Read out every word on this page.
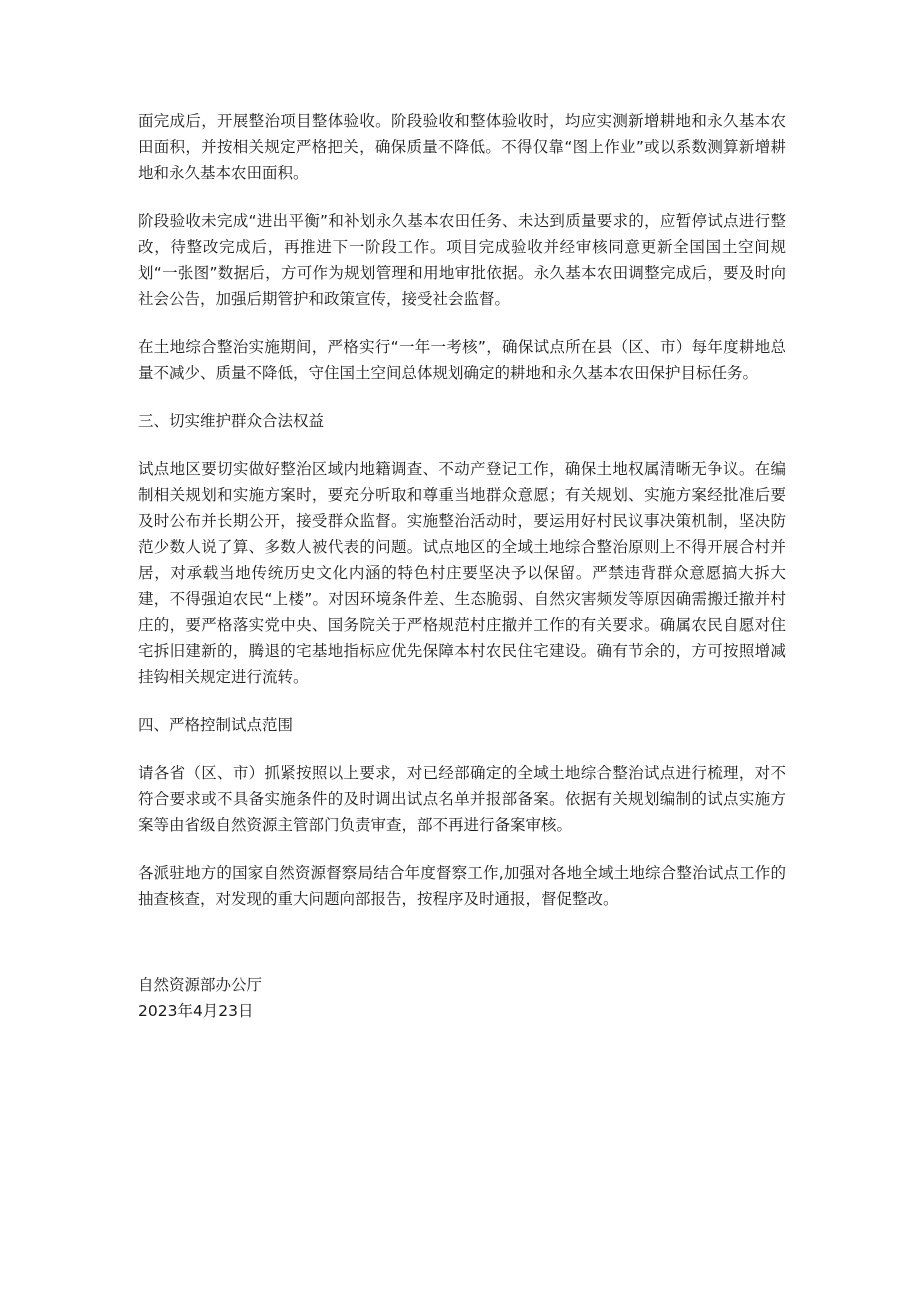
面完成后，开展整治项目整体验收。阶段验收和整体验收时，均应实测新增耕地和永久基本农田面积，并按相关规定严格把关，确保质量不降低。不得仅靠“图上作业”或以系数测算新增耕地和永久基本农田面积。

阶段验收未完成“进出平衡”和补划永久基本农田任务、未达到质量要求的，应暂停试点进行整改，待整改完成后，再推进下一阶段工作。项目完成验收并经审核同意更新全国国土空间规划“一张图”数据后，方可作为规划管理和用地审批依据。永久基本农田调整完成后，要及时向社会公告，加强后期管护和政策宣传，接受社会监督。

在土地综合整治实施期间，严格实行“一年一考核”，确保试点所在县（区、市）每年度耕地总量不减少、质量不降低，守住国土空间总体规划确定的耕地和永久基本农田保护目标任务。

三、切实维护群众合法权益

试点地区要切实做好整治区域内地籍调查、不动产登记工作，确保土地权属清晰无争议。在编制相关规划和实施方案时，要充分听取和尊重当地群众意愿；有关规划、实施方案经批准后要及时公布并长期公开，接受群众监督。实施整治活动时，要运用好村民议事决策机制，坚决防范少数人说了算、多数人被代表的问题。试点地区的全域土地综合整治原则上不得开展合村并居，对承载当地传统历史文化内涵的特色村庄要坚决予以保留。严禁违背群众意愿搞大拆大建，不得强迫农民“上楼”。对因环境条件差、生态脆弱、自然灾害频发等原因确需搬迁撤并村庄的，要严格落实党中央、国务院关于严格规范村庄撤并工作的有关要求。确属农民自愿对住宅拆旧建新的，腾退的宅基地指标应优先保障本村农民住宅建设。确有节余的，方可按照增减挂钩相关规定进行流转。

四、严格控制试点范围

请各省（区、市）抓紧按照以上要求，对已经部确定的全域土地综合整治试点进行梳理，对不符合要求或不具备实施条件的及时调出试点名单并报部备案。依据有关规划编制的试点实施方案等由省级自然资源主管部门负责审查，部不再进行备案审核。

各派驻地方的国家自然资源督察局结合年度督察工作,加强对各地全域土地综合整治试点工作的抽查核查，对发现的重大问题向部报告，按程序及时通报，督促整改。

自然资源部办公厅
2023年4月23日
